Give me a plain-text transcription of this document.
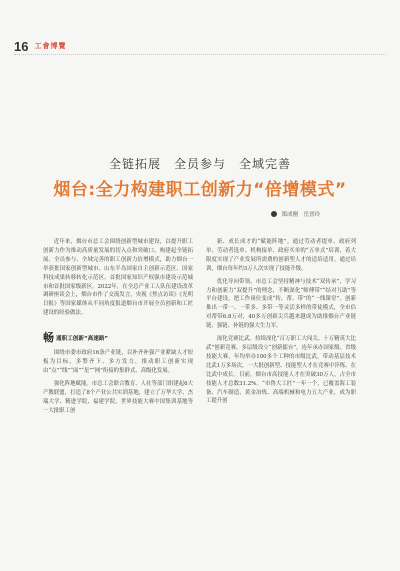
16 工會博覽
全链拓展　全员参与　全域完善
烟台:全力构建职工创新力“倍增模式”
郑成刚　岳晋玲

近年来，烟台市总工会围绕创新型城市建设，以提升职工创新力作为推动高质量发展的切入点和突破口，构建起全链拓展、全员参与、全域完善的职工创新力倍增模式，助力烟台一举获批国家创新型城市、山东半岛国家自主创新示范区、国家科技成果转移转化示范区、首批国家知识产权强市建设示范城市和首批国家级新区。2022年，在全总产业工人队伍建设改革调研座谈会上，烟台市作了交流发言，央视《焦点访谈》《光明日报》等国家媒体从不同角度报道烟台市开展全员创新和工匠建设的经验做法。

畅 通职工创新“高速路”

围绕市委市政府16条产业链，以补齐补强产业紧缺人才短板为目标，多警齐下、多方发力，推动职工创新实现由“点”“线”“面”“星”“网”衔接的集群式、高级化发展。

强化阵地赋能。市总工会联合教育、人社等部门组建起6大产教联盟，打造了8个产业公共实训基地，建立了万华大学、杰瑞大学、精进学院、福建学院、世界技能大赛中国集训基地等一大批职工创

新、成长成才的“赋能阵地”。通过劳动者提单、政府列单、劳动者选单、机构接单、政府买单的“五单式”培训，着大限度实现了产业发展所需费的创新型人才的适培适用。通过培训，烟台每年约3万人次实现了技能升级。

优化导向带领。市总工会坚持精神与技术“双传承”，学习力和创新力“双提升”的理念，不断深化“师傅带”“结对互助”等平台建设，把工作岗位变成“传、帮、带”的“一线课堂”。创新推出一带一、一带多、多带一等灵活多样的带徒模式，全市估对帮带6.8万对，40多万创新尖兵越来越成为助推烟台产业链链、强链、补链的强大生力军。

深化竞赛比武。持续深化“百万职工大闯关、十万精英大比武”创新竞赛，多层级设立“创新擂台”，连年承办国家级、省级技能大赛，年均举办100多个工种的市级比武，带动基层技术比武1万多场次，一大批创新型、技能型人才在竞赛中淬炼、在比武中成长。目前，烟台市高技能人才在突破30万人，占全市技能人才总数31.2%。“市鲁大工匠”一年一个，已覆盖海工装备、汽车制造、黄金冶炼、高端机械和电力五大产业，成为职工提升创
